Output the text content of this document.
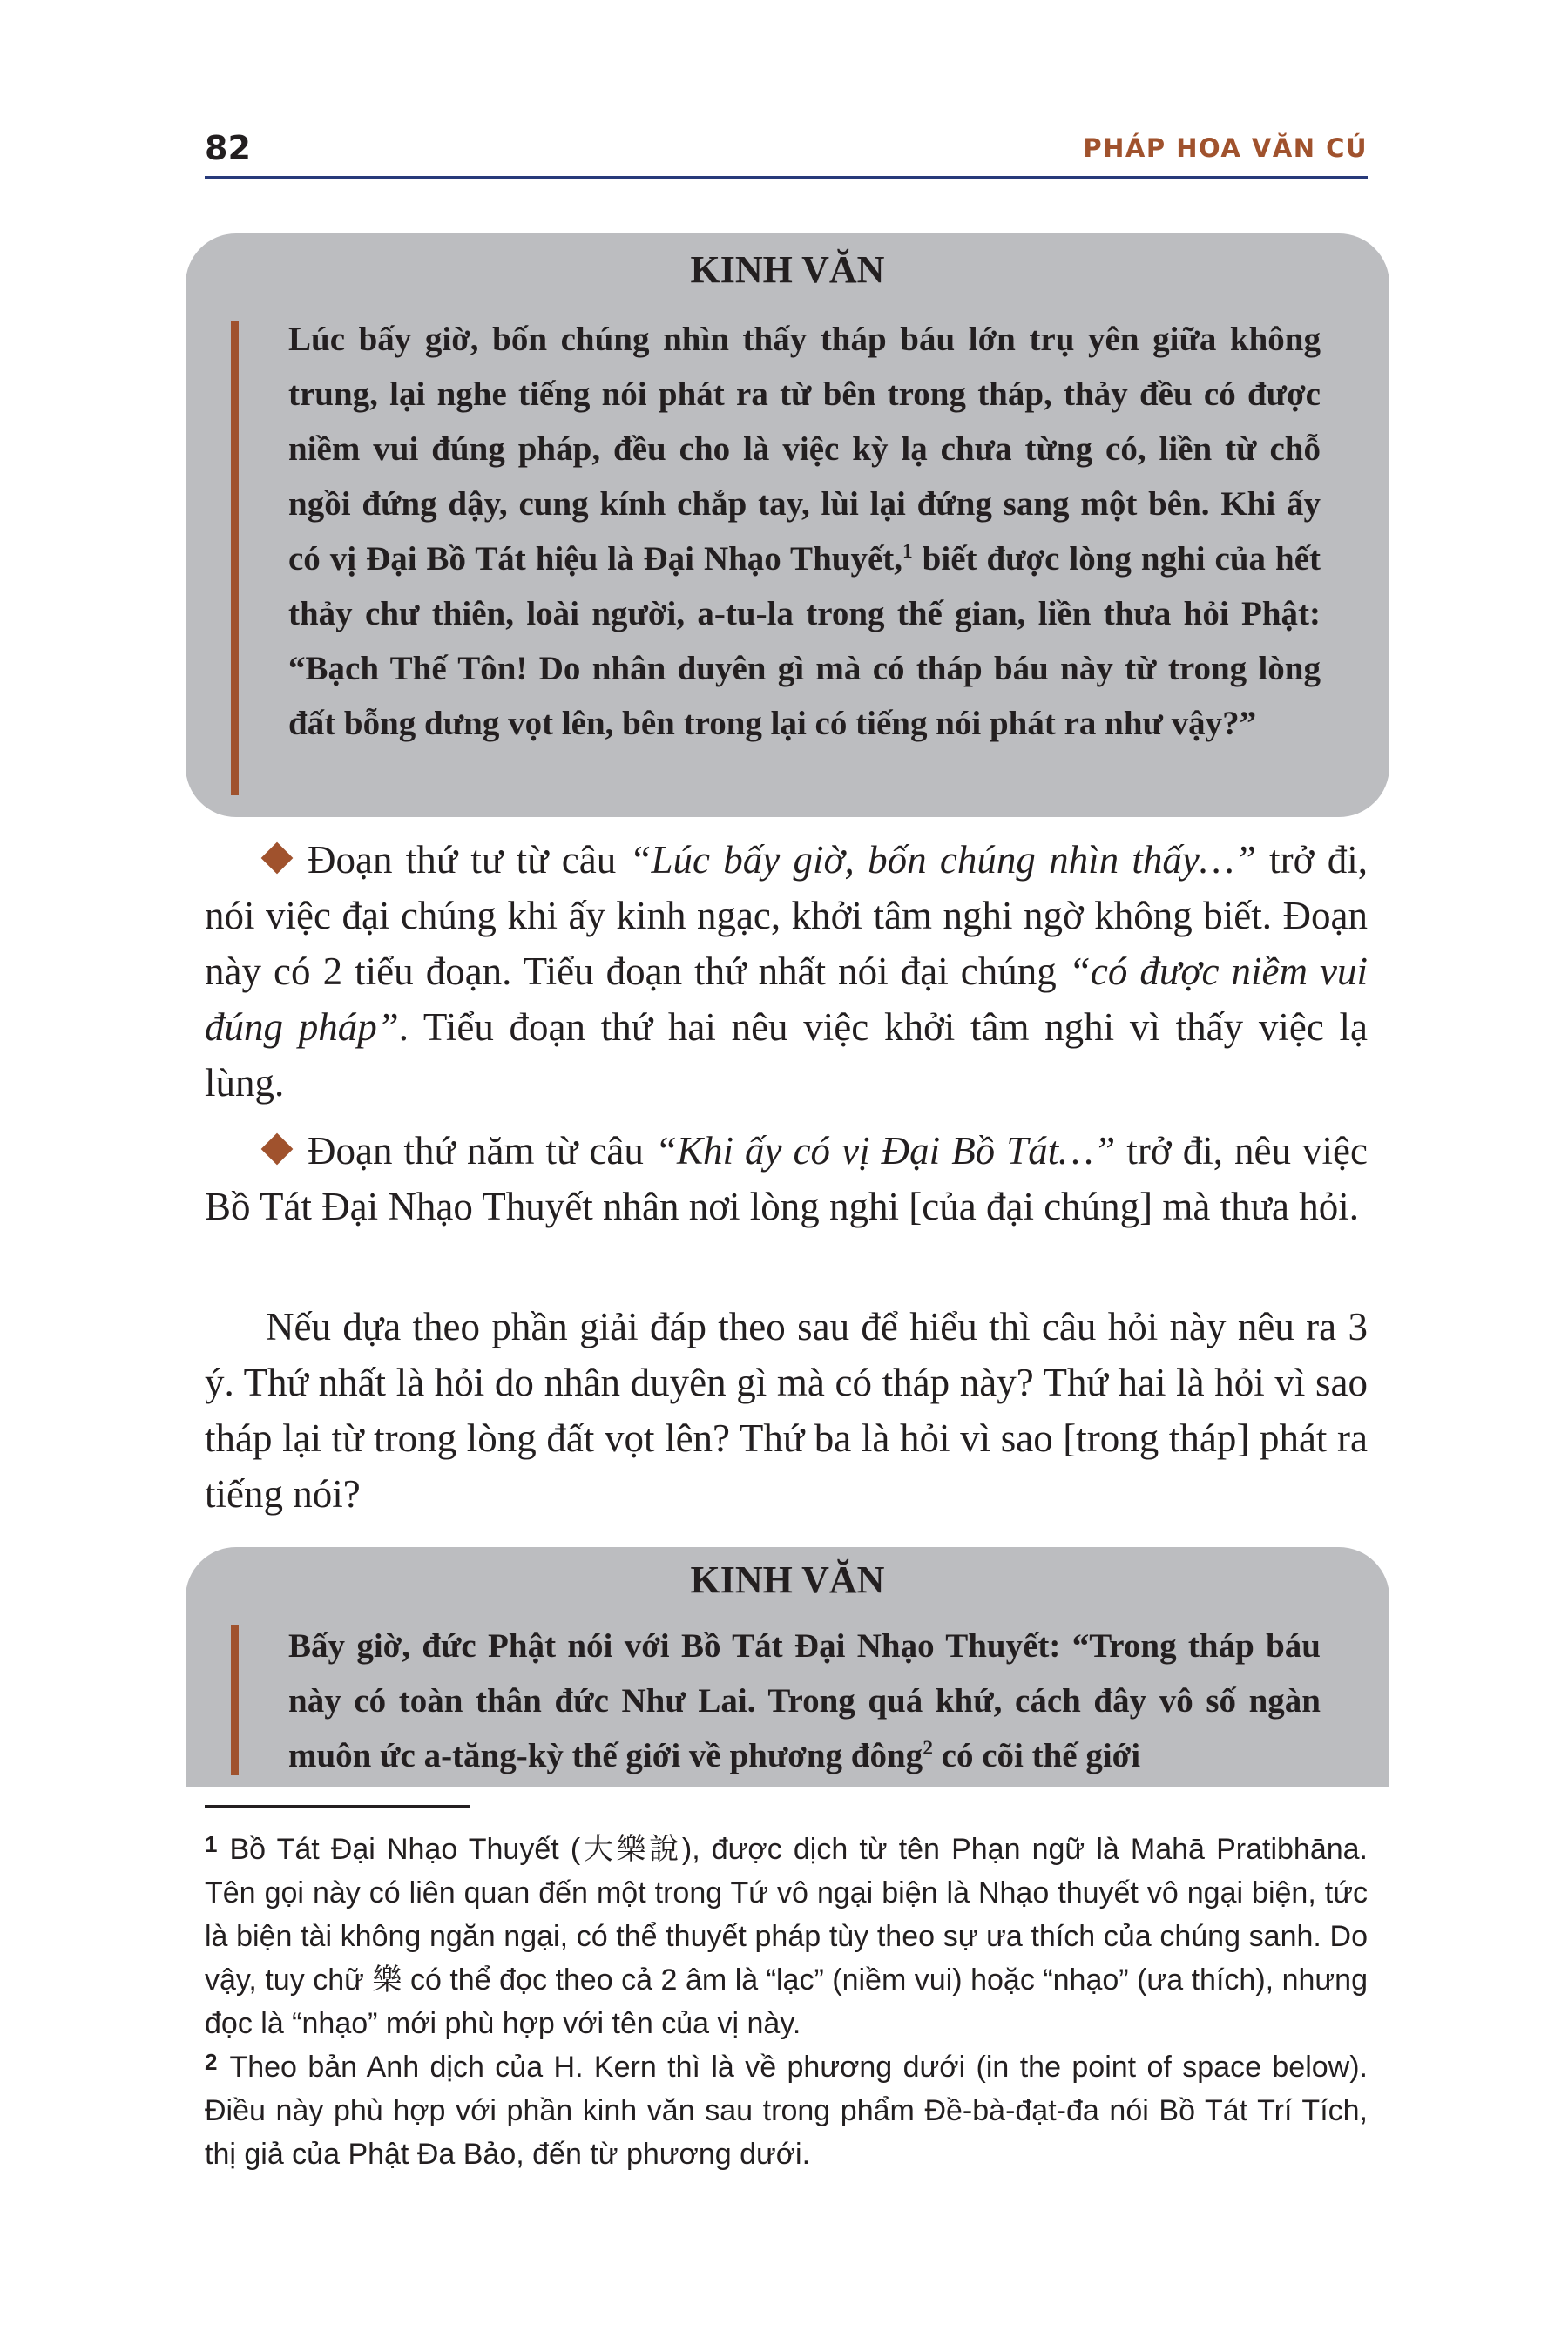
82	PHÁP HOA VĂN CÚ
KINH VĂN

Lúc bấy giờ, bốn chúng nhìn thấy tháp báu lớn trụ yên giữa không trung, lại nghe tiếng nói phát ra từ bên trong tháp, thảy đều có được niềm vui đúng pháp, đều cho là việc kỳ lạ chưa từng có, liền từ chỗ ngồi đứng dậy, cung kính chắp tay, lùi lại đứng sang một bên. Khi ấy có vị Đại Bồ Tát hiệu là Đại Nhạo Thuyết,$^1$ biết được lòng nghi của hết thảy chư thiên, loài người, a-tu-la trong thế gian, liền thưa hỏi Phật: “Bạch Thế Tôn! Do nhân duyên gì mà có tháp báu này từ trong lòng đất bỗng dưng vọt lên, bên trong lại có tiếng nói phát ra như vậy?”

Đoạn thứ tư từ câu “Lúc bấy giờ, bốn chúng nhìn thấy…” trở đi, nói việc đại chúng khi ấy kinh ngạc, khởi tâm nghi ngờ không biết. Đoạn này có 2 tiểu đoạn. Tiểu đoạn thứ nhất nói đại chúng “có được niềm vui đúng pháp”. Tiểu đoạn thứ hai nêu việc khởi tâm nghi vì thấy việc lạ lùng.

Đoạn thứ năm từ câu “Khi ấy có vị Đại Bồ Tát…” trở đi, nêu việc Bồ Tát Đại Nhạo Thuyết nhân nơi lòng nghi [của đại chúng] mà thưa hỏi.

Nếu dựa theo phần giải đáp theo sau để hiểu thì câu hỏi này nêu ra 3 ý. Thứ nhất là hỏi do nhân duyên gì mà có tháp này? Thứ hai là hỏi vì sao tháp lại từ trong lòng đất vọt lên? Thứ ba là hỏi vì sao [trong tháp] phát ra tiếng nói?

KINH VĂN

Bấy giờ, đức Phật nói với Bồ Tát Đại Nhạo Thuyết: “Trong tháp báu này có toàn thân đức Như Lai. Trong quá khứ, cách đây vô số ngàn muôn ức a-tăng-kỳ thế giới về phương đông$^2$ có cõi thế giới

$^1$ Bồ Tát Đại Nhạo Thuyết (大樂說), được dịch từ tên Phạn ngữ là Mahā Pratibhāna. Tên gọi này có liên quan đến một trong Tứ vô ngại biện là Nhạo thuyết vô ngại biện, tức là biện tài không ngăn ngại, có thể thuyết pháp tùy theo sự ưa thích của chúng sanh. Do vậy, tuy chữ 樂 có thể đọc theo cả 2 âm là “lạc” (niềm vui) hoặc “nhạo” (ưa thích), nhưng đọc là “nhạo” mới phù hợp với tên của vị này.

$^2$ Theo bản Anh dịch của H. Kern thì là về phương dưới (in the point of space below). Điều này phù hợp với phần kinh văn sau trong phẩm Đề-bà-đạt-đa nói Bồ Tát Trí Tích, thị giả của Phật Đa Bảo, đến từ phương dưới.
